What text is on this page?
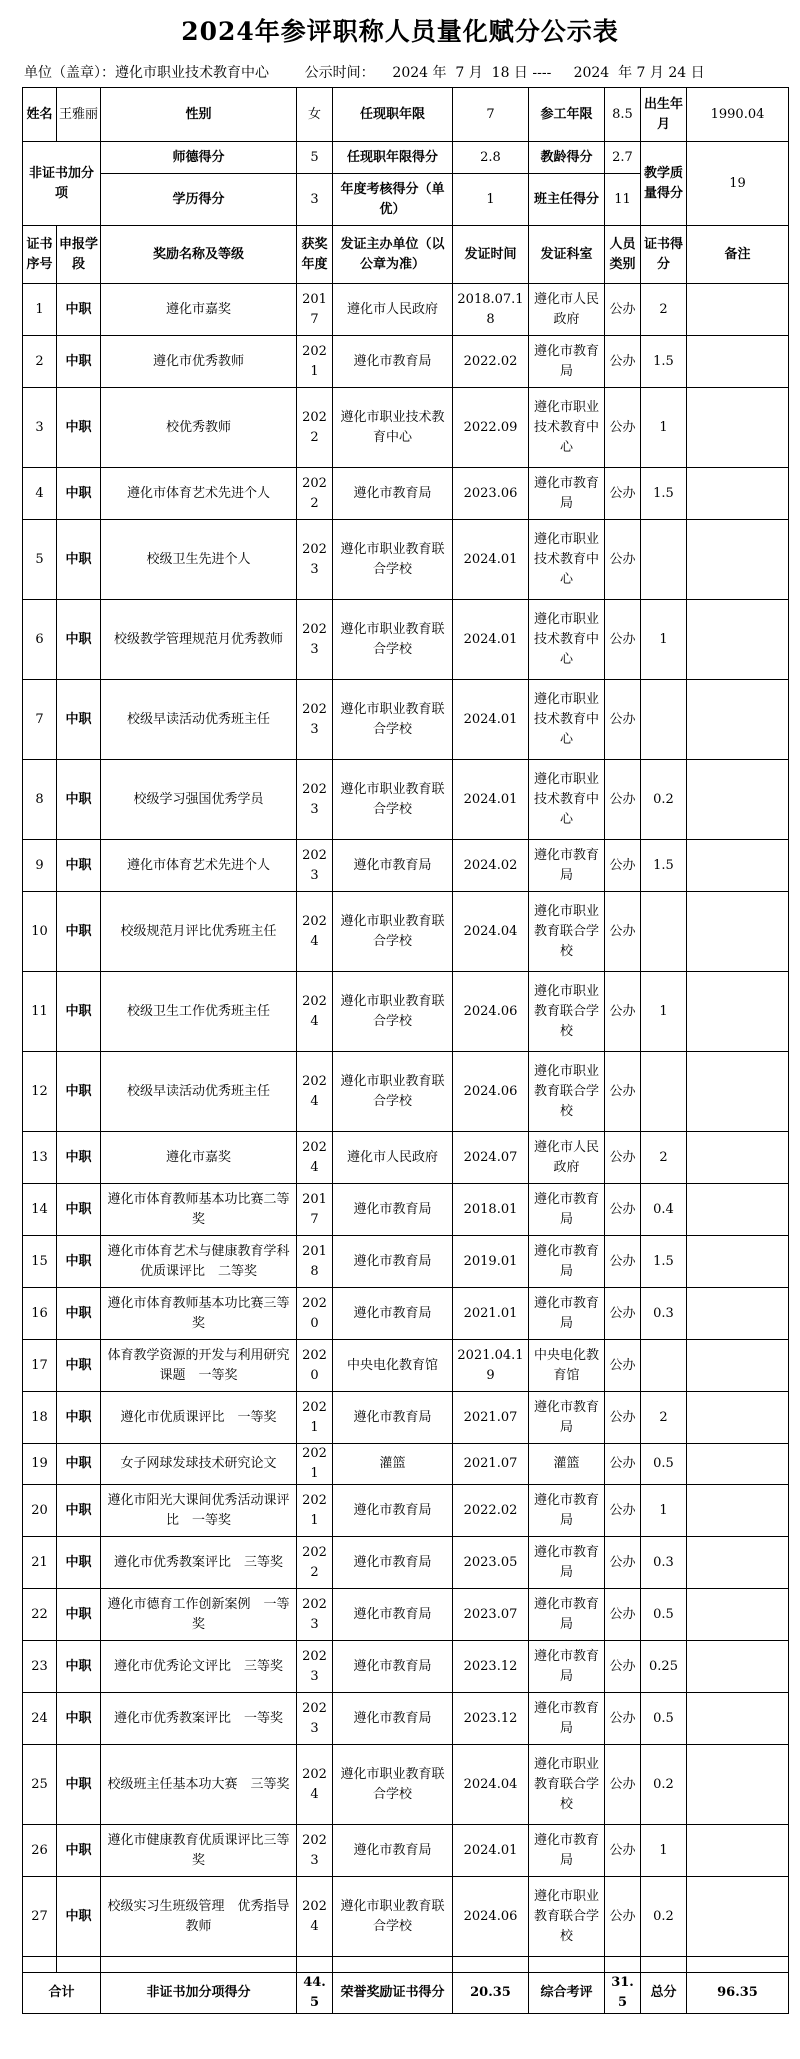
2024年参评职称人员量化赋分公示表
单位（盖章）：遵化市职业技术教育中心	公示时间： 2024 年  7 月  18 日 ---- 2024  年 7 月 24 日
姓名	王雅丽	性别	女	任现职年限	7	参工年限	8.5	出生年月	1990.04
非证书加分项		师德得分	5	任现职年限得分	2.8	教龄得分	2.7	教学质量得分	19
		学历得分	3	年度考核得分（单优）	1	班主任得分	11		
证书序号	申报学段	奖励名称及等级	获奖年度	发证主办单位（以公章为准）	发证时间	发证科室	人员类别	证书得分	备注
1	中职	遵化市嘉奖	2017	遵化市人民政府	2018.07.18	遵化市人民政府	公办	2	
2	中职	遵化市优秀教师	2021	遵化市教育局	2022.02	遵化市教育局	公办	1.5	
3	中职	校优秀教师	2022	遵化市职业技术教育中心	2022.09	遵化市职业技术教育中心	公办	1	
4	中职	遵化市体育艺术先进个人	2022	遵化市教育局	2023.06	遵化市教育局	公办	1.5	
5	中职	校级卫生先进个人	2023	遵化市职业教育联合学校	2024.01	遵化市职业技术教育中心	公办		
6	中职	校级教学管理规范月优秀教师	2023	遵化市职业教育联合学校	2024.01	遵化市职业技术教育中心	公办	1	
7	中职	校级早读活动优秀班主任	2023	遵化市职业教育联合学校	2024.01	遵化市职业技术教育中心	公办		
8	中职	校级学习强国优秀学员	2023	遵化市职业教育联合学校	2024.01	遵化市职业技术教育中心	公办	0.2	
9	中职	遵化市体育艺术先进个人	2023	遵化市教育局	2024.02	遵化市教育局	公办	1.5	
10	中职	校级规范月评比优秀班主任	2024	遵化市职业教育联合学校	2024.04	遵化市职业教育联合学校	公办		
11	中职	校级卫生工作优秀班主任	2024	遵化市职业教育联合学校	2024.06	遵化市职业教育联合学校	公办	1	
12	中职	校级早读活动优秀班主任	2024	遵化市职业教育联合学校	2024.06	遵化市职业教育联合学校	公办		
13	中职	遵化市嘉奖	2024	遵化市人民政府	2024.07	遵化市人民政府	公办	2	
14	中职	遵化市体育教师基本功比赛二等奖	2017	遵化市教育局	2018.01	遵化市教育局	公办	0.4	
15	中职	遵化市体育艺术与健康教育学科优质课评比　二等奖	2018	遵化市教育局	2019.01	遵化市教育局	公办	1.5	
16	中职	遵化市体育教师基本功比赛三等奖	2020	遵化市教育局	2021.01	遵化市教育局	公办	0.3	
17	中职	体育教学资源的开发与利用研究课题　一等奖	2020	中央电化教育馆	2021.04.19	中央电化教育馆	公办		
18	中职	遵化市优质课评比　一等奖	2021	遵化市教育局	2021.07	遵化市教育局	公办	2	
19	中职	女子网球发球技术研究论文	2021	灌篮	2021.07	灌篮	公办	0.5	
20	中职	遵化市阳光大课间优秀活动课评比　一等奖	2021	遵化市教育局	2022.02	遵化市教育局	公办	1	
21	中职	遵化市优秀教案评比　三等奖	2022	遵化市教育局	2023.05	遵化市教育局	公办	0.3	
22	中职	遵化市德育工作创新案例　一等奖	2023	遵化市教育局	2023.07	遵化市教育局	公办	0.5	
23	中职	遵化市优秀论文评比　三等奖	2023	遵化市教育局	2023.12	遵化市教育局	公办	0.25	
24	中职	遵化市优秀教案评比　一等奖	2023	遵化市教育局	2023.12	遵化市教育局	公办	0.5	
25	中职	校级班主任基本功大赛　三等奖	2024	遵化市职业教育联合学校	2024.04	遵化市职业教育联合学校	公办	0.2	
26	中职	遵化市健康教育优质课评比三等奖	2023	遵化市教育局	2024.01	遵化市教育局	公办	1	
27	中职	校级实习生班级管理　优秀指导教师	2024	遵化市职业教育联合学校	2024.06	遵化市职业教育联合学校	公办	0.2	

合计		非证书加分项得分	44.5	荣誉奖励证书得分	20.35	综合考评	31.5	总分	96.35
